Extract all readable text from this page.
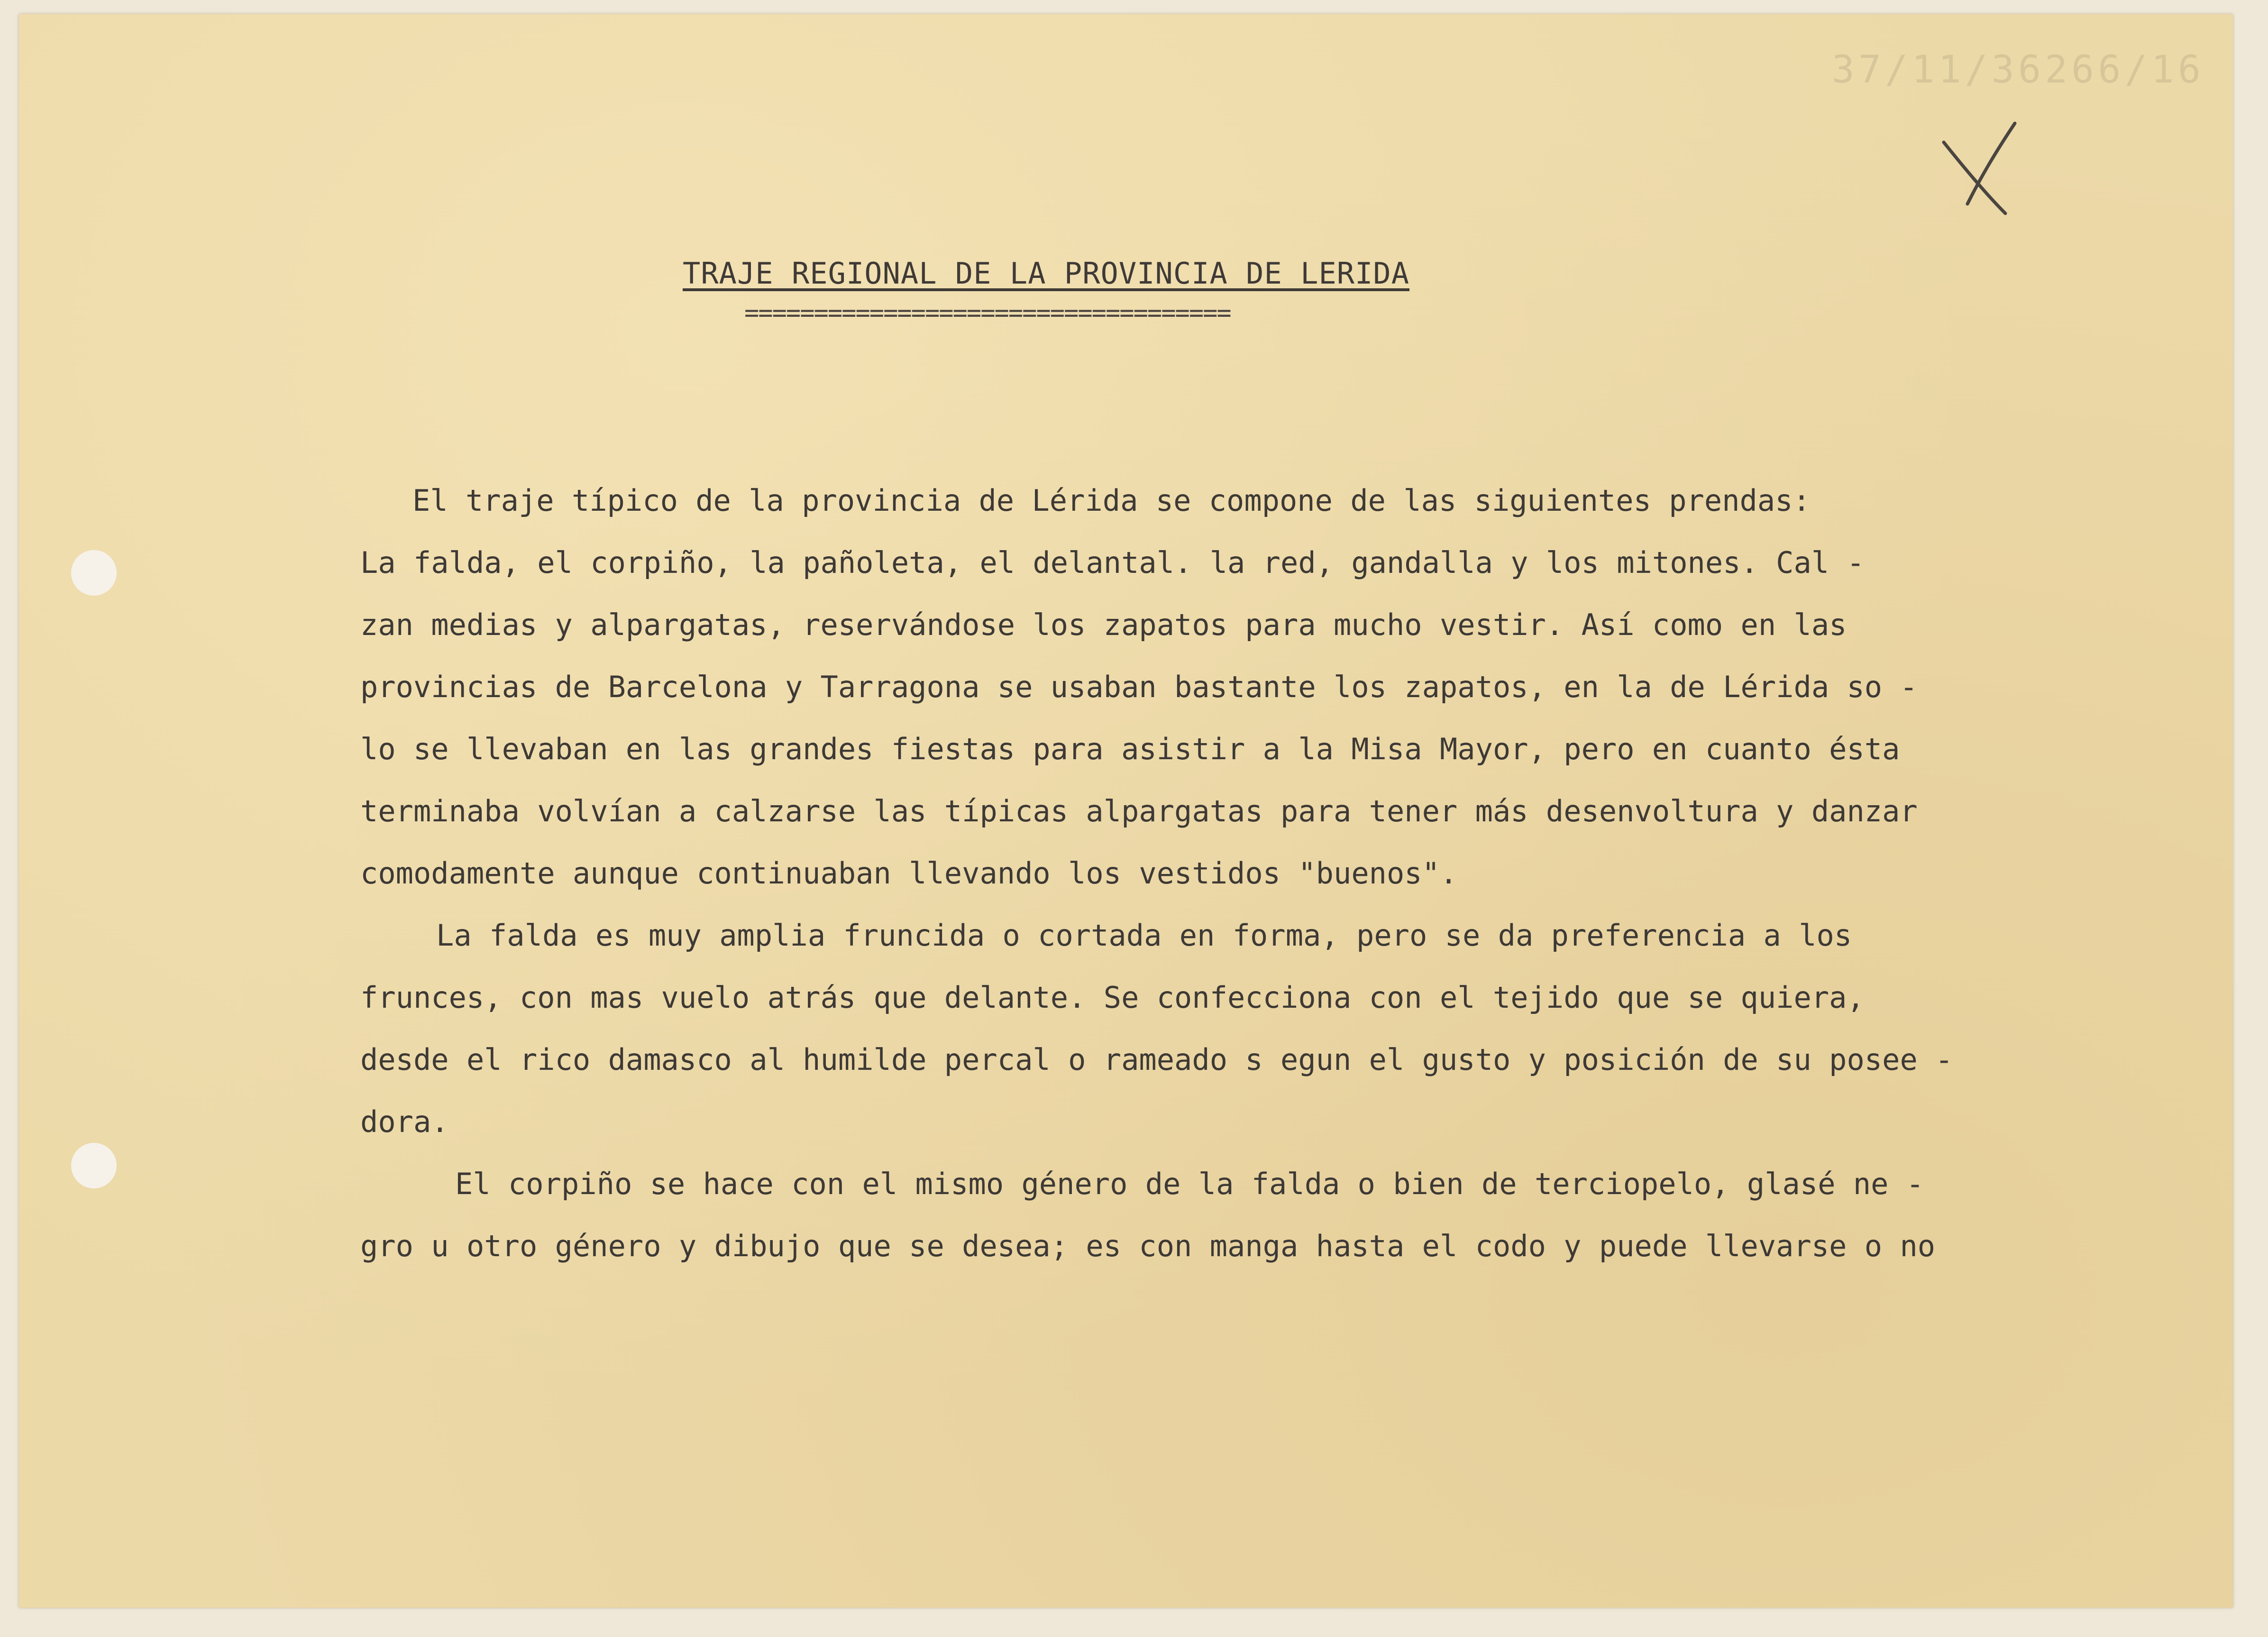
37/11/36266/16
TRAJE REGIONAL DE LA PROVINCIA DE LERIDA
===================================
El traje típico de la provincia de Lérida se compone de las siguientes prendas:
La falda, el corpiño, la pañoleta, el delantal. la red, gandalla y los mitones. Cal -
zan medias y alpargatas, reservándose los zapatos para mucho vestir. Así como en las
provincias de Barcelona y Tarragona se usaban bastante los zapatos, en la de Lérida so -
lo se llevaban en las grandes fiestas para asistir a la Misa Mayor, pero en cuanto ésta
terminaba volvían a calzarse las típicas alpargatas para tener más desenvoltura y danzar
comodamente aunque continuaban llevando los vestidos "buenos".
La falda es muy amplia fruncida o cortada en forma, pero se da preferencia a los
frunces, con mas vuelo atrás que delante. Se confecciona con el tejido que se quiera,
desde el rico damasco al humilde percal o rameado s egun el gusto y posición de su posee -
dora.
El corpiño se hace con el mismo género de la falda o bien de terciopelo, glasé ne -
gro u otro género y dibujo que se desea; es con manga hasta el codo y puede llevarse o no
